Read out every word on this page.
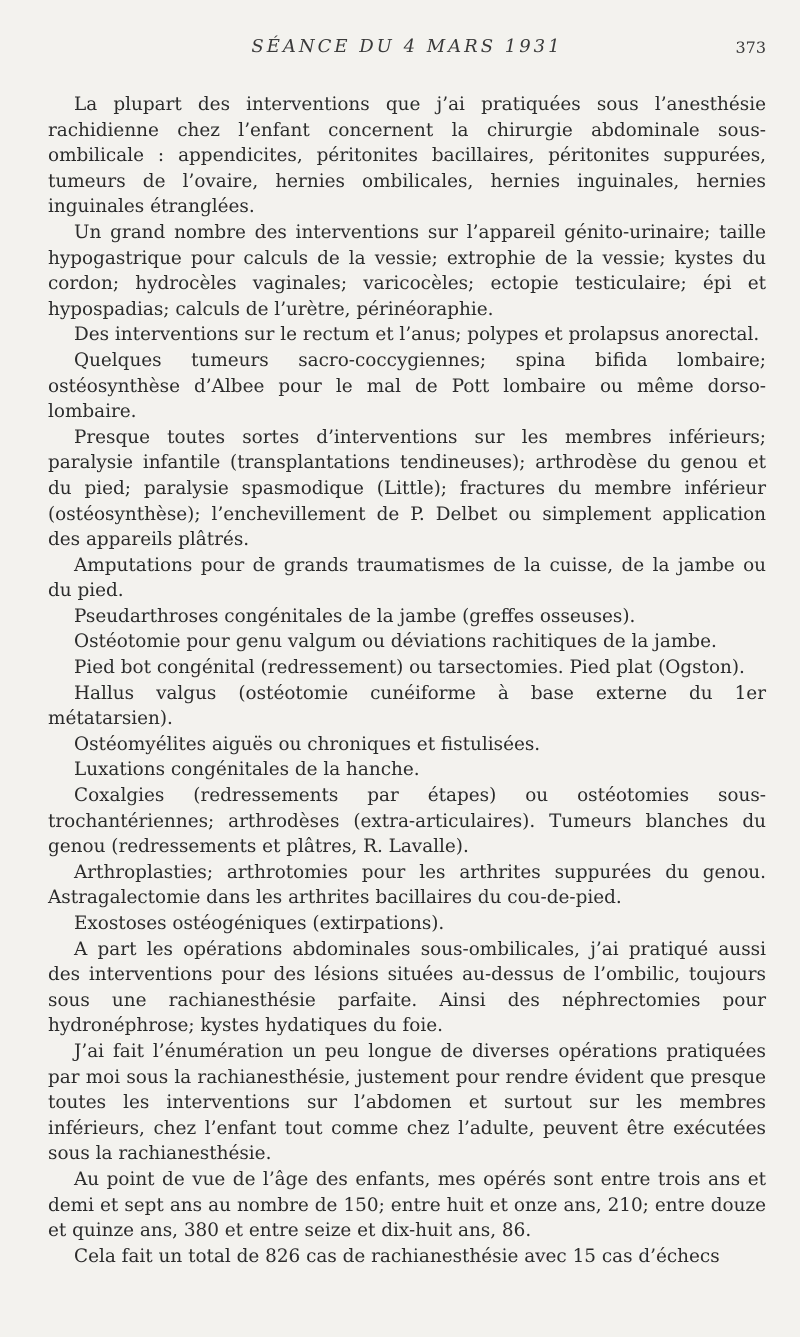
SÉANCE DU 4 MARS 1931	373

La plupart des interventions que j’ai pratiquées sous l’anesthésie rachidienne chez l’enfant concernent la chirurgie abdominale sous-ombilicale : appendicites, péritonites bacillaires, péritonites suppurées, tumeurs de l’ovaire, hernies ombilicales, hernies inguinales, hernies inguinales étranglées.

Un grand nombre des interventions sur l’appareil génito-urinaire; taille hypogastrique pour calculs de la vessie; extrophie de la vessie; kystes du cordon; hydrocèles vaginales; varicocèles; ectopie testiculaire; épi et hypospadias; calculs de l’urètre, périnéoraphie.

Des interventions sur le rectum et l’anus; polypes et prolapsus anorectal.

Quelques tumeurs sacro-coccygiennes; spina bifida lombaire; ostéosynthèse d’Albee pour le mal de Pott lombaire ou même dorso-lombaire.

Presque toutes sortes d’interventions sur les membres inférieurs; paralysie infantile (transplantations tendineuses); arthrodèse du genou et du pied; paralysie spasmodique (Little); fractures du membre inférieur (ostéosynthèse); l’enchevillement de P. Delbet ou simplement application des appareils plâtrés.

Amputations pour de grands traumatismes de la cuisse, de la jambe ou du pied.

Pseudarthroses congénitales de la jambe (greffes osseuses).

Ostéotomie pour genu valgum ou déviations rachitiques de la jambe.

Pied bot congénital (redressement) ou tarsectomies. Pied plat (Ogston).

Hallus valgus (ostéotomie cunéiforme à base externe du 1er métatarsien).

Ostéomyélites aiguës ou chroniques et fistulisées.

Luxations congénitales de la hanche.

Coxalgies (redressements par étapes) ou ostéotomies sous-trochantériennes; arthrodèses (extra-articulaires). Tumeurs blanches du genou (redressements et plâtres, R. Lavalle).

Arthroplasties; arthrotomies pour les arthrites suppurées du genou. Astragalectomie dans les arthrites bacillaires du cou-de-pied.

Exostoses ostéogéniques (extirpations).

A part les opérations abdominales sous-ombilicales, j’ai pratiqué aussi des interventions pour des lésions situées au-dessus de l’ombilic, toujours sous une rachianesthésie parfaite. Ainsi des néphrectomies pour hydronéphrose; kystes hydatiques du foie.

J’ai fait l’énumération un peu longue de diverses opérations pratiquées par moi sous la rachianesthésie, justement pour rendre évident que presque toutes les interventions sur l’abdomen et surtout sur les membres inférieurs, chez l’enfant tout comme chez l’adulte, peuvent être exécutées sous la rachianesthésie.

Au point de vue de l’âge des enfants, mes opérés sont entre trois ans et demi et sept ans au nombre de 150; entre huit et onze ans, 210; entre douze et quinze ans, 380 et entre seize et dix-huit ans, 86.

Cela fait un total de 826 cas de rachianesthésie avec 15 cas d’échecs
